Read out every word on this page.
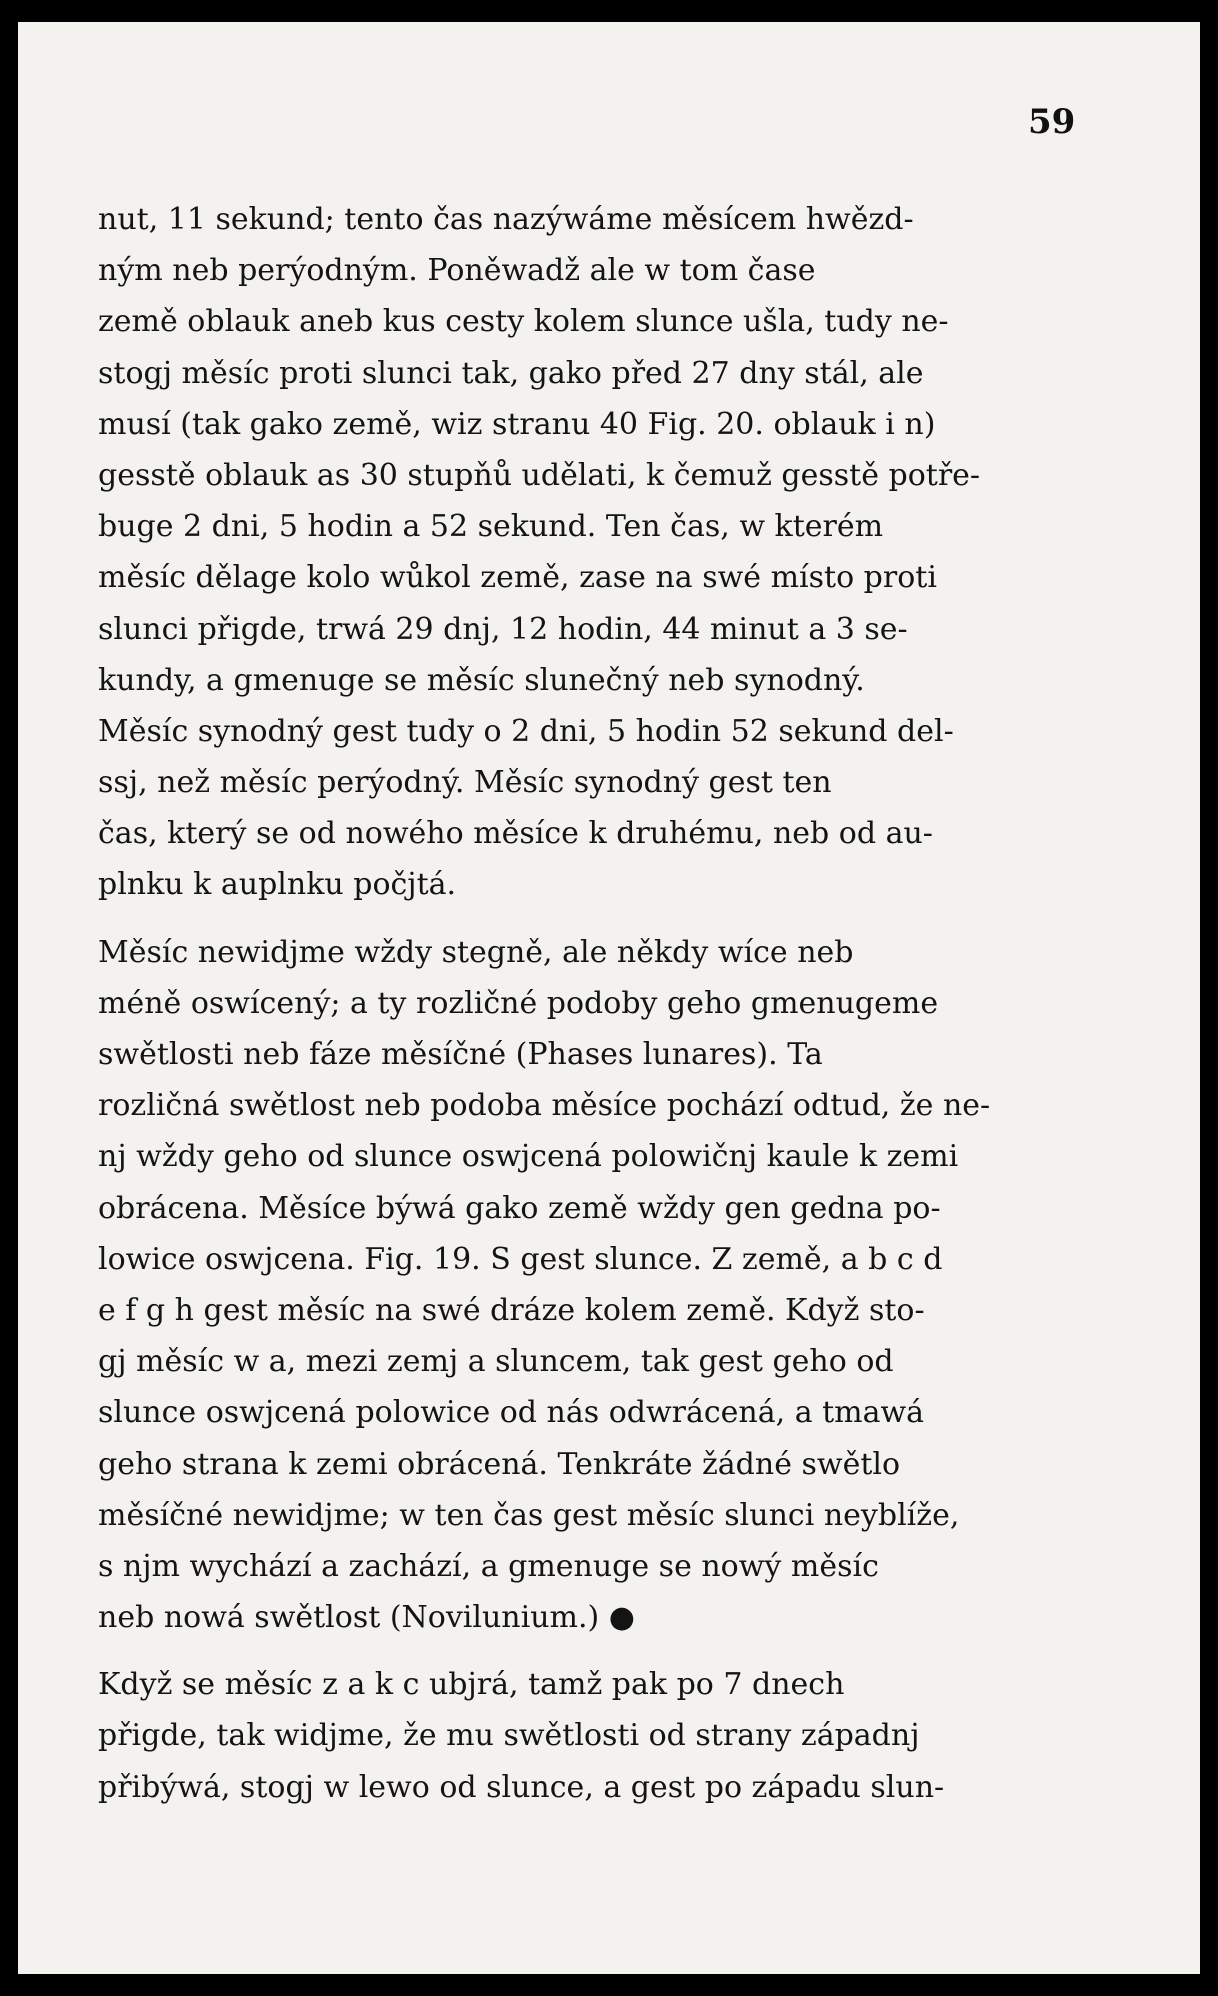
59
nut, 11 sekund; tento čas nazýwáme měsícem hwězd-
ným neb perýodným. Poněwadž ale w tom čase
země oblauk aneb kus cesty kolem slunce ušla, tudy ne-
stogj měsíc proti slunci tak, gako před 27 dny stál, ale
musí (tak gako země, wiz stranu 40 Fig. 20. oblauk i n)
gesstě oblauk as 30 stupňů udělati, k čemuž gesstě potře-
buge 2 dni, 5 hodin a 52 sekund. Ten čas, w kterém
měsíc dělage kolo wůkol země, zase na swé místo proti
slunci přigde, trwá 29 dnj, 12 hodin, 44 minut a 3 se-
kundy, a gmenuge se měsíc slunečný neb synodný.
Měsíc synodný gest tudy o 2 dni, 5 hodin 52 sekund del-
ssj, než měsíc perýodný. Měsíc synodný gest ten
čas, který se od nowého měsíce k druhému, neb od au-
plnku k auplnku počjtá.
Měsíc newidjme wždy stegně, ale někdy wíce neb
méně oswícený; a ty rozličné podoby geho gmenugeme
swětlosti neb fáze měsíčné (Phases lunares). Ta
rozličná swětlost neb podoba měsíce pochází odtud, že ne-
nj wždy geho od slunce oswjcená polowičnj kaule k zemi
obrácena. Měsíce býwá gako země wždy gen gedna po-
lowice oswjcena. Fig. 19. S gest slunce. Z země, a b c d
e f g h gest měsíc na swé dráze kolem země. Když sto-
gj měsíc w a, mezi zemj a sluncem, tak gest geho od
slunce oswjcená polowice od nás odwrácená, a tmawá
geho strana k zemi obrácená. Tenkráte žádné swětlo
měsíčné newidjme; w ten čas gest měsíc slunci neyblíže,
s njm wychází a zachází, a gmenuge se nowý měsíc
neb nowá swětlost (Novilunium.) ●
Když se měsíc z a k c ubjrá, tamž pak po 7 dnech
přigde, tak widjme, že mu swětlosti od strany západnj
přibýwá, stogj w lewo od slunce, a gest po západu slun-
